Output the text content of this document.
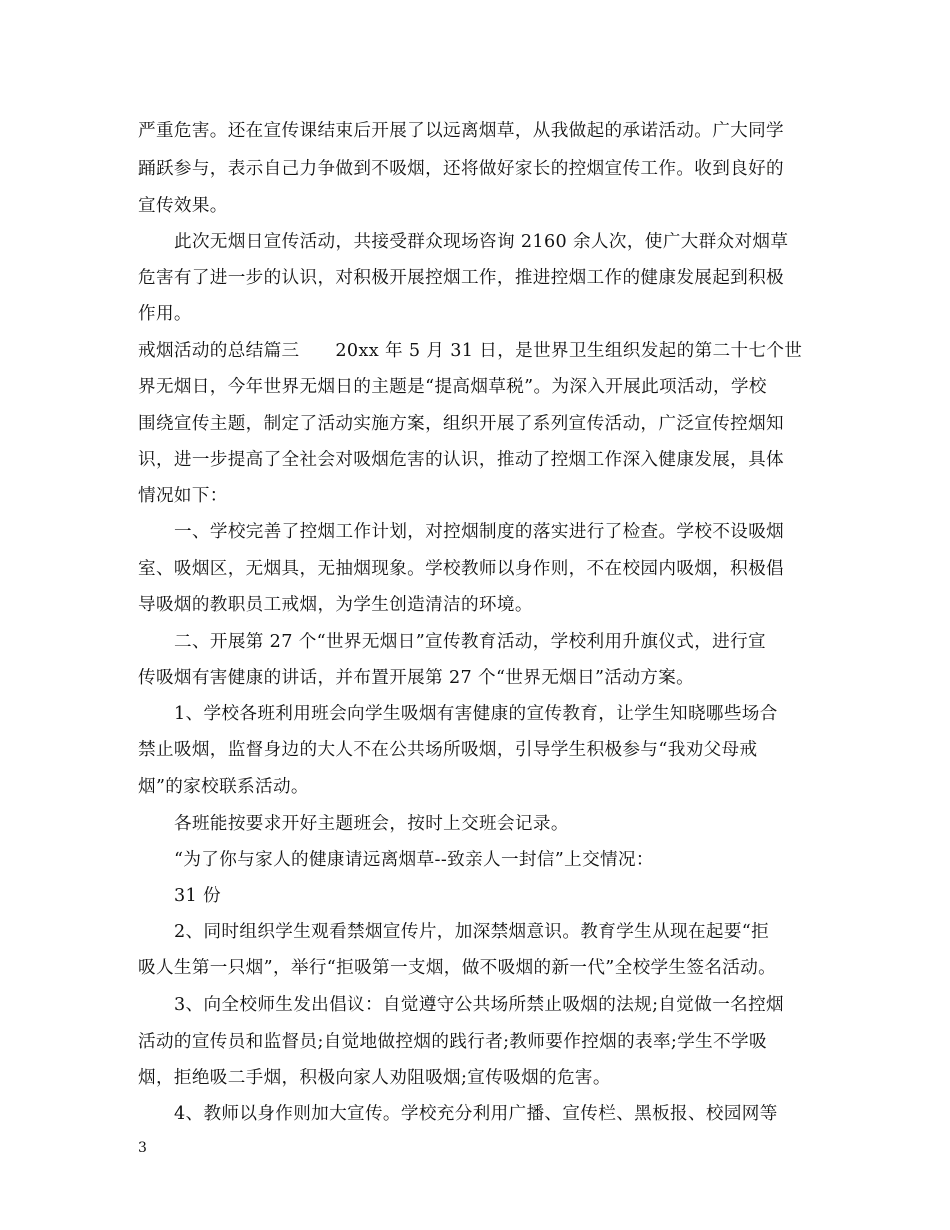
严重危害。还在宣传课结束后开展了以远离烟草，从我做起的承诺活动。广大同学
踊跃参与，表示自己力争做到不吸烟，还将做好家长的控烟宣传工作。收到良好的
宣传效果。
此次无烟日宣传活动，共接受群众现场咨询 2160 余人次，使广大群众对烟草
危害有了进一步的认识，对积极开展控烟工作，推进控烟工作的健康发展起到积极
作用。
戒烟活动的总结篇三　　20xx 年 5 月 31 日，是世界卫生组织发起的第二十七个世
界无烟日，今年世界无烟日的主题是“提高烟草税”。为深入开展此项活动，学校
围绕宣传主题，制定了活动实施方案，组织开展了系列宣传活动，广泛宣传控烟知
识，进一步提高了全社会对吸烟危害的认识，推动了控烟工作深入健康发展，具体
情况如下：
一、学校完善了控烟工作计划，对控烟制度的落实进行了检查。学校不设吸烟
室、吸烟区，无烟具，无抽烟现象。学校教师以身作则，不在校园内吸烟，积极倡
导吸烟的教职员工戒烟，为学生创造清洁的环境。
二、开展第 27 个“世界无烟日”宣传教育活动，学校利用升旗仪式，进行宣
传吸烟有害健康的讲话，并布置开展第 27 个“世界无烟日”活动方案。
1、学校各班利用班会向学生吸烟有害健康的宣传教育，让学生知晓哪些场合
禁止吸烟，监督身边的大人不在公共场所吸烟，引导学生积极参与“我劝父母戒
烟”的家校联系活动。
各班能按要求开好主题班会，按时上交班会记录。
“为了你与家人的健康请远离烟草--致亲人一封信”上交情况：
31 份
2、同时组织学生观看禁烟宣传片，加深禁烟意识。教育学生从现在起要“拒
吸人生第一只烟”，举行“拒吸第一支烟，做不吸烟的新一代”全校学生签名活动。
3、向全校师生发出倡议：自觉遵守公共场所禁止吸烟的法规;自觉做一名控烟
活动的宣传员和监督员;自觉地做控烟的践行者;教师要作控烟的表率;学生不学吸
烟，拒绝吸二手烟，积极向家人劝阻吸烟;宣传吸烟的危害。
4、教师以身作则加大宣传。学校充分利用广播、宣传栏、黑板报、校园网等
3
